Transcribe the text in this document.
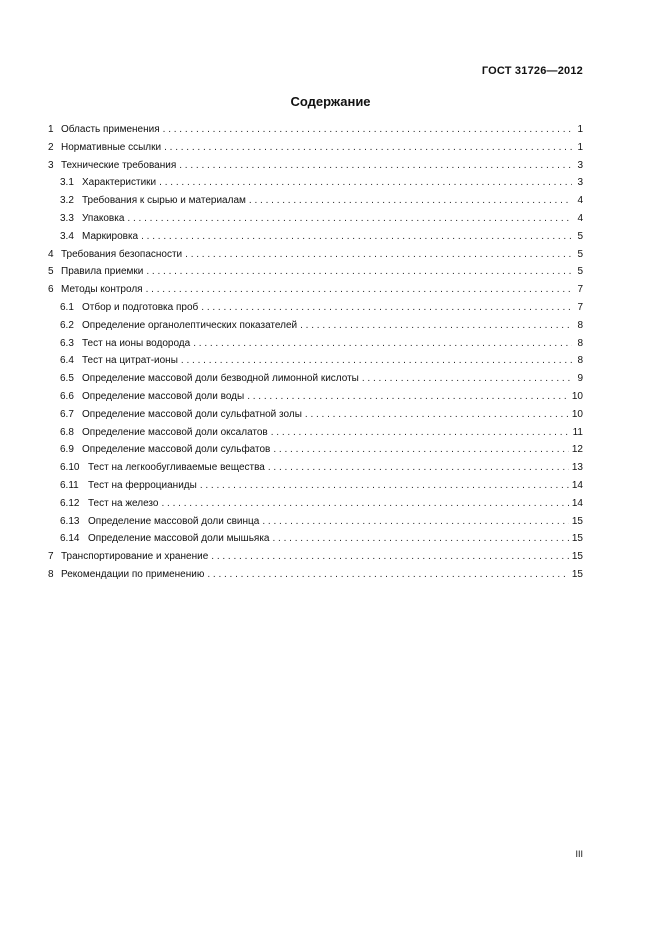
ГОСТ 31726—2012
Содержание
1 Область применения . . .	1
2 Нормативные ссылки . . .	1
3 Технические требования . . .	3
3.1 Характеристики . . .	3
3.2 Требования к сырью и материалам . . .	4
3.3 Упаковка . . .	4
3.4 Маркировка . . .	5
4 Требования безопасности . . .	5
5 Правила приемки . . .	5
6 Методы контроля . . .	7
6.1 Отбор и подготовка проб . . .	7
6.2 Определение органолептических показателей . . .	8
6.3 Тест на ионы водорода . . .	8
6.4 Тест на цитрат-ионы . . .	8
6.5 Определение массовой доли безводной лимонной кислоты . . .	9
6.6 Определение массовой доли воды . . .	10
6.7 Определение массовой доли сульфатной золы . . .	10
6.8 Определение массовой доли оксалатов . . .	11
6.9 Определение массовой доли сульфатов . . .	12
6.10 Тест на легкообугливаемые вещества . . .	13
6.11 Тест на ферроцианиды . . .	14
6.12 Тест на железо . . .	14
6.13 Определение массовой доли свинца . . .	15
6.14 Определение массовой доли мышьяка . . .	15
7 Транспортирование и хранение . . .	15
8 Рекомендации по применению . . .	15
III
